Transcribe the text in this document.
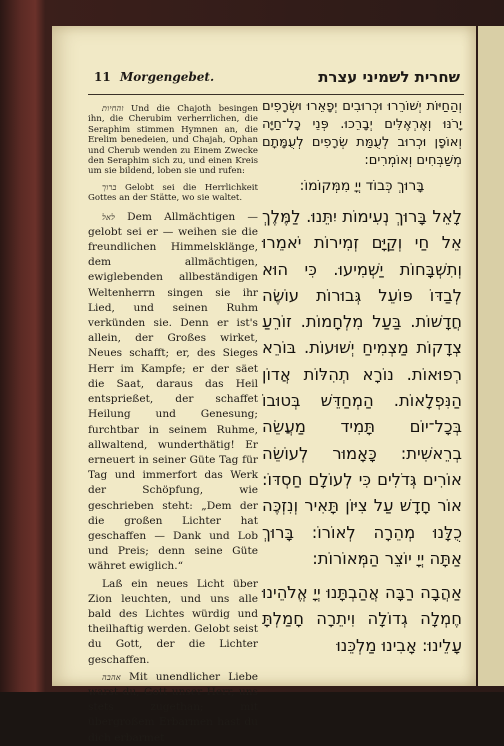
11 Morgengebet.	שחרית לשמיני עצרת

והחיות Und die Chajoth besingen ihn, die Cherubim verherrlichen, die Seraphim stimmen Hymnen an, die Erelim benedeien, und Chajah, Ophan und Cherub wenden zu Einem Zwecke den Seraphim sich zu, und einen Kreis um sie bildend, loben sie und rufen:

ברוך Gelobt sei die Herrlichkeit Gottes an der Stätte, wo sie waltet.

לאל Dem Allmächtigen — gelobt sei er — weihen sie die freundlichen Himmelsklänge, dem allmächtigen, ewiglebenden allbeständigen Weltenherrn singen sie ihr Lied, und seinen Ruhm verkünden sie. Denn er ist's allein, der Großes wirket, Neues schafft; er, des Sieges Herr im Kampfe; er der säet die Saat, daraus das Heil entsprießet, der schaffet Heilung und Genesung; furchtbar in seinem Ruhme, allwaltend, wunderthätig! Er erneuert in seiner Güte Tag für Tag und immerfort das Werk der Schöpfung, wie geschrieben steht: „Dem der die großen Lichter hat geschaffen — Dank und Lob und Preis; denn seine Güte währet ewiglich.“

Laß ein neues Licht über Zion leuchten, und uns alle bald des Lichtes würdig und theilhaftig werden. Gelobt seist du Gott, der die Lichter geschaffen.

אהבה Mit unendlicher Liebe warst du, Gott unser Herr, uns stets zugethan; mit übergroßem Erbarmen hast du dich erbarmet

וְהַחַיּוֹת יְשׁוֹרֵרוּ וּכְרוּבִים יְפָאֵרוּ וּשְׂרָפִים יָרֹנּוּ וְאֶרְאֶלִּים יְבָרֵכוּ. פְּנֵי כָל־חַיָּה וְאוֹפָן וּכְרוּב לְעֻמַּת שְׂרָפִים לְעֻמָּתָם מְשַׁבְּחִים וְאוֹמְרִים:

בָּרוּךְ כְּבוֹד יְיָ מִמְּקוֹמוֹ:

לָאֵל בָּרוּךְ נְעִימוֹת יִתֵּנוּ. לַמֶּלֶךְ אֵל חַי וְקַיָּם זְמִירוֹת יֹאמֵרוּ וְתִשְׁבָּחוֹת יַשְׁמִיעוּ. כִּי הוּא לְבַדּוֹ פּוֹעֵל גְּבוּרוֹת עוֹשֶׂה חֲדָשׁוֹת. בַּעַל מִלְחָמוֹת. זוֹרֵעַ צְדָקוֹת מַצְמִיחַ יְשׁוּעוֹת. בּוֹרֵא רְפוּאוֹת. נוֹרָא תְהִלּוֹת אֲדוֹן הַנִּפְלָאוֹת. הַמְחַדֵּשׁ בְּטוּבוֹ בְּכָל־יוֹם תָּמִיד מַעֲשֵׂה בְרֵאשִׁית: כָּאָמוּר לְעוֹשֵׂה אוֹרִים גְּדֹלִים כִּי לְעוֹלָם חַסְדּוֹ: אוֹר חָדָשׁ עַל צִיּוֹן תָּאִיר וְנִזְכֶּה כֻלָּנוּ מְהֵרָה לְאוֹרוֹ: בָּרוּךְ אַתָּה יְיָ יוֹצֵר הַמְּאוֹרוֹת:

אַהֲבָה רַבָּה אֲהַבְתָּנוּ יְיָ אֱלֹהֵינוּ חֶמְלָה גְדוֹלָה וִיתֵרָה חָמַלְתָּ עָלֵינוּ: אָבִינוּ מַלְכֵּנוּ
